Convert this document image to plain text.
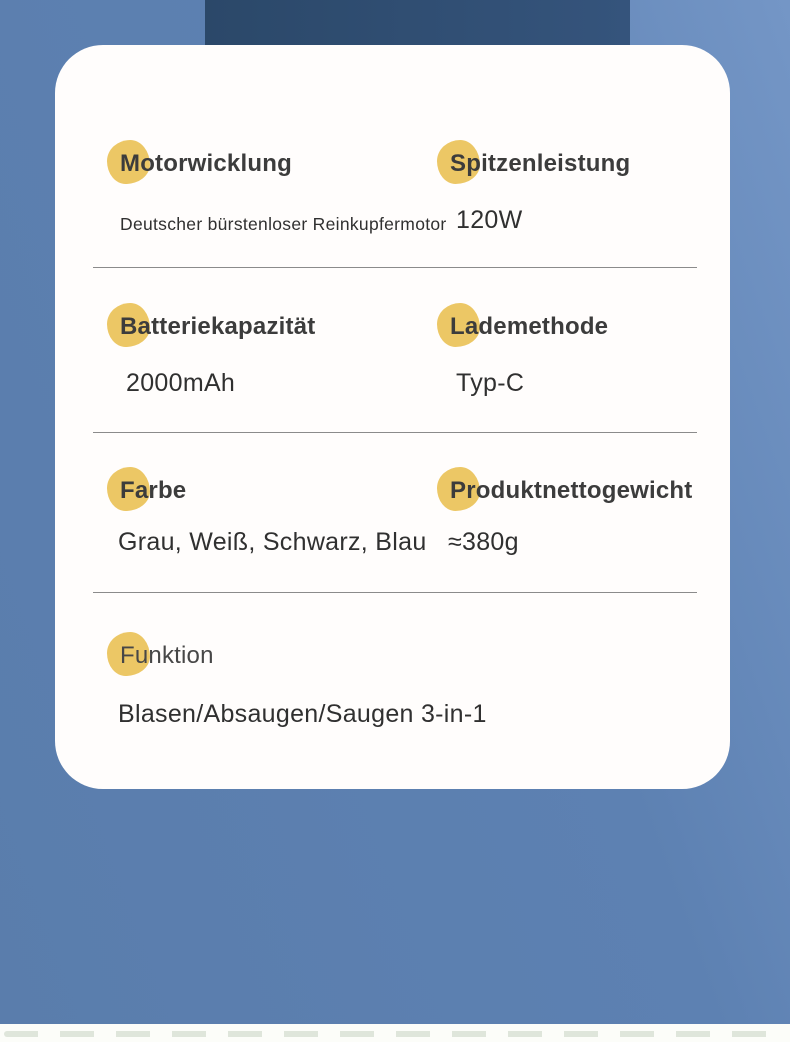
Motorwicklung
Deutscher bürstenloser Reinkupfermotor
Spitzenleistung
120W
Batteriekapazität
2000mAh
Lademethode
Typ-C
Farbe
Grau, Weiß, Schwarz, Blau
Produktnettogewicht
≈380g
Funktion
Blasen/Absaugen/Saugen 3-in-1
